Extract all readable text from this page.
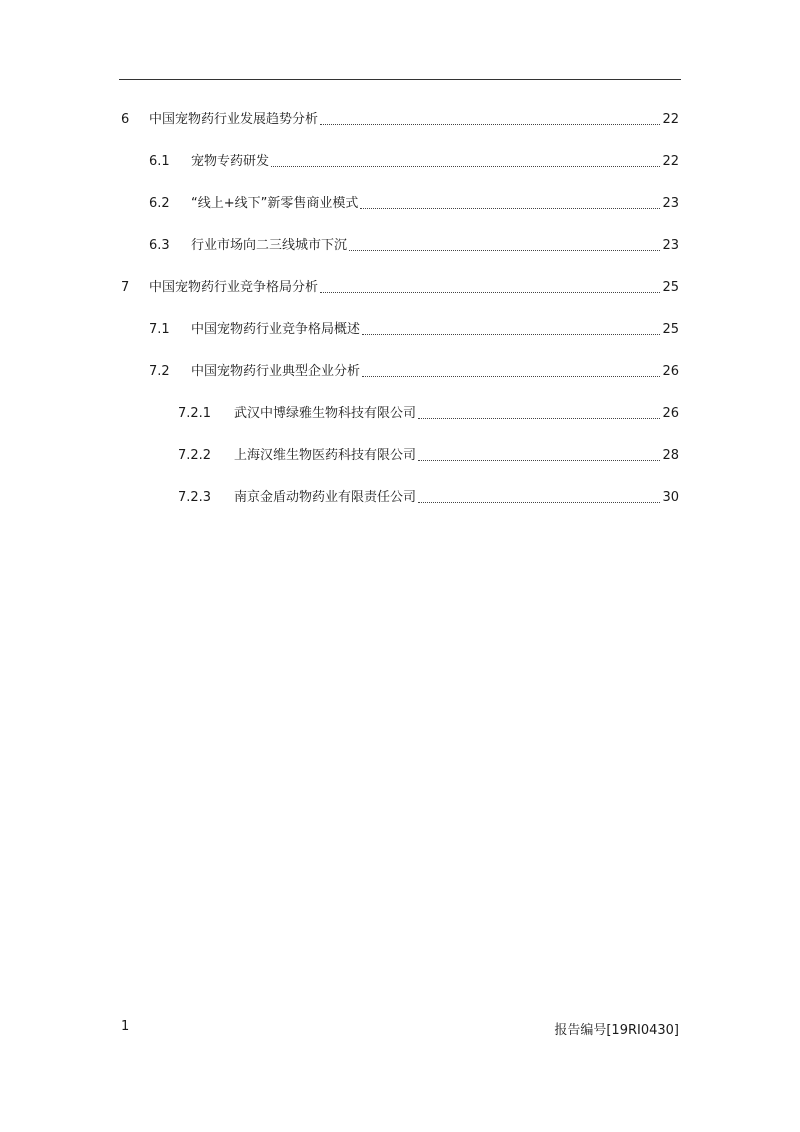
6	中国宠物药行业发展趋势分析	22
6.1	宠物专药研发	22
6.2	“线上+线下”新零售商业模式	23
6.3	行业市场向二三线城市下沉	23
7	中国宠物药行业竞争格局分析	25
7.1	中国宠物药行业竞争格局概述	25
7.2	中国宠物药行业典型企业分析	26
7.2.1	武汉中博绿雅生物科技有限公司	26
7.2.2	上海汉维生物医药科技有限公司	28
7.2.3	南京金盾动物药业有限责任公司	30
1	报告编号[19RI0430]
